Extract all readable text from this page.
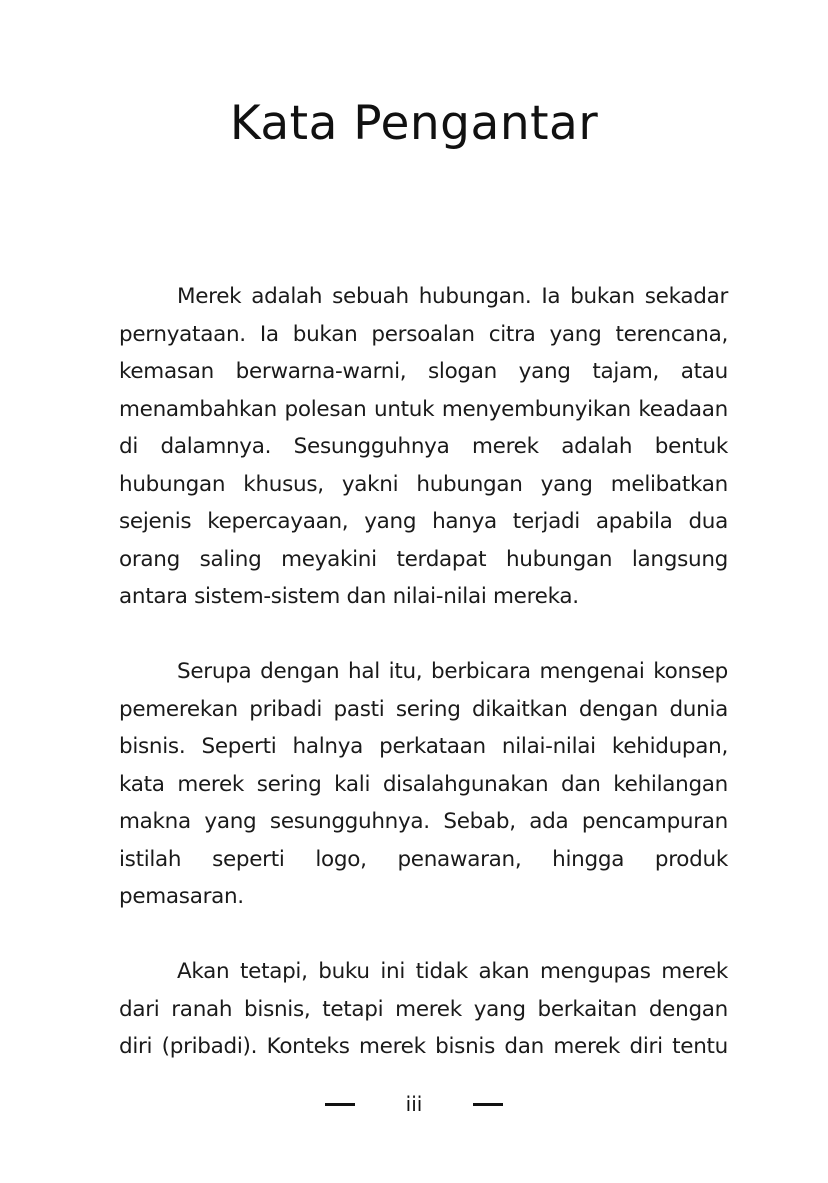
Kata Pengantar

Merek adalah sebuah hubungan. Ia bukan sekadar pernyataan. Ia bukan persoalan citra yang terencana, kemasan berwarna-warni, slogan yang tajam, atau menambahkan polesan untuk menyembunyikan keadaan di dalamnya. Sesungguhnya merek adalah bentuk hubungan khusus, yakni hubungan yang melibatkan sejenis kepercayaan, yang hanya terjadi apabila dua orang saling meyakini terdapat hubungan langsung antara sistem-sistem dan nilai-nilai mereka.

Serupa dengan hal itu, berbicara mengenai konsep pemerekan pribadi pasti sering dikaitkan dengan dunia bisnis. Seperti halnya perkataan nilai-nilai kehidupan, kata merek sering kali disalahgunakan dan kehilangan makna yang sesungguhnya. Sebab, ada pencampuran istilah seperti logo, penawaran, hingga produk pemasaran.

Akan tetapi, buku ini tidak akan mengupas merek dari ranah bisnis, tetapi merek yang berkaitan dengan diri (pribadi). Konteks merek bisnis dan merek diri tentu

iii
